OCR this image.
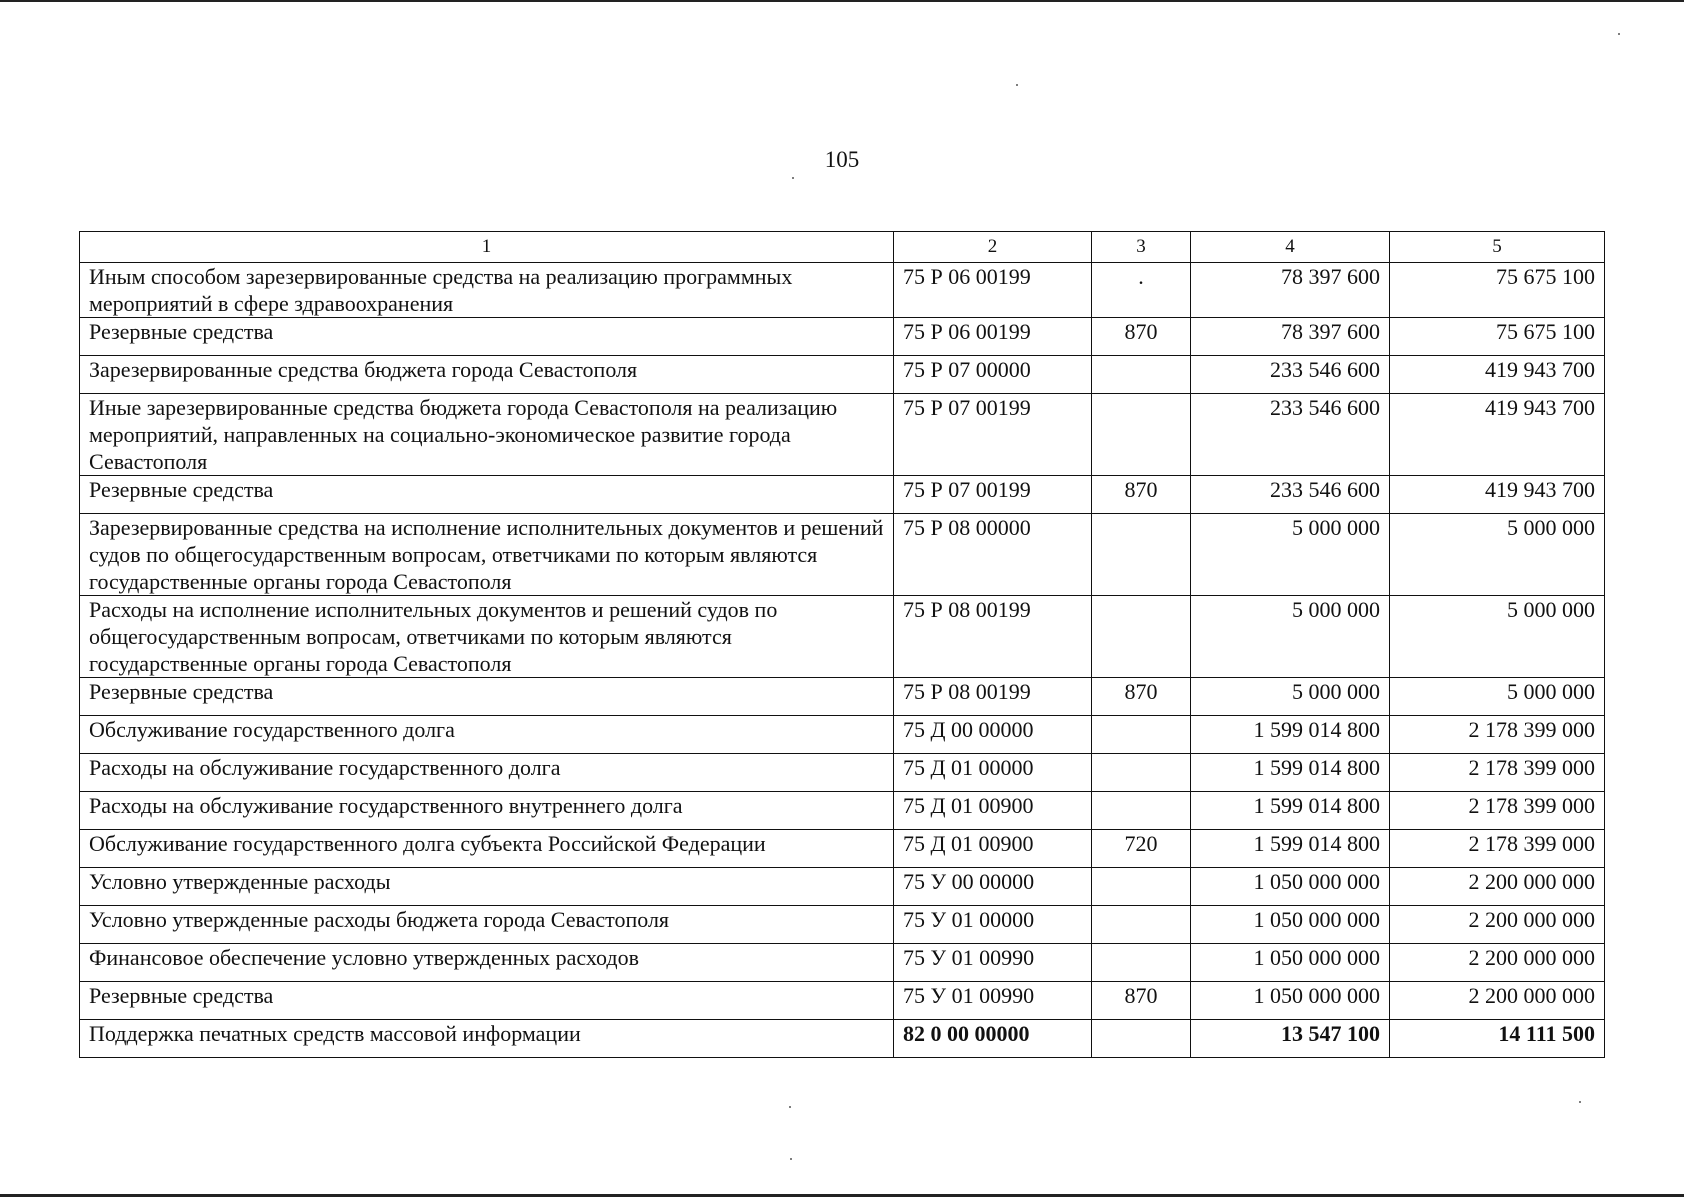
105
1	2	3	4	5
Иным способом зарезервированные средства на реализацию программных мероприятий в сфере здравоохранения	75 Р 06 00199	.	78 397 600	75 675 100
Резервные средства	75 Р 06 00199	870	78 397 600	75 675 100
Зарезервированные средства бюджета города Севастополя	75 Р 07 00000		233 546 600	419 943 700
Иные зарезервированные средства бюджета города Севастополя на реализацию мероприятий, направленных на социально-экономическое развитие города Севастополя	75 Р 07 00199		233 546 600	419 943 700
Резервные средства	75 Р 07 00199	870	233 546 600	419 943 700
Зарезервированные средства на исполнение исполнительных документов и решений судов по общегосударственным вопросам, ответчиками по которым являются государственные органы города Севастополя	75 Р 08 00000		5 000 000	5 000 000
Расходы на исполнение исполнительных документов и решений судов по общегосударственным вопросам, ответчиками по которым являются государственные органы города Севастополя	75 Р 08 00199		5 000 000	5 000 000
Резервные средства	75 Р 08 00199	870	5 000 000	5 000 000
Обслуживание государственного долга	75 Д 00 00000		1 599 014 800	2 178 399 000
Расходы на обслуживание государственного долга	75 Д 01 00000		1 599 014 800	2 178 399 000
Расходы на обслуживание государственного внутреннего долга	75 Д 01 00900		1 599 014 800	2 178 399 000
Обслуживание государственного долга субъекта Российской Федерации	75 Д 01 00900	720	1 599 014 800	2 178 399 000
Условно утвержденные расходы	75 У 00 00000		1 050 000 000	2 200 000 000
Условно утвержденные расходы бюджета города Севастополя	75 У 01 00000		1 050 000 000	2 200 000 000
Финансовое обеспечение условно утвержденных расходов	75 У 01 00990		1 050 000 000	2 200 000 000
Резервные средства	75 У 01 00990	870	1 050 000 000	2 200 000 000
Поддержка печатных средств массовой информации	82 0 00 00000		13 547 100	14 111 500
